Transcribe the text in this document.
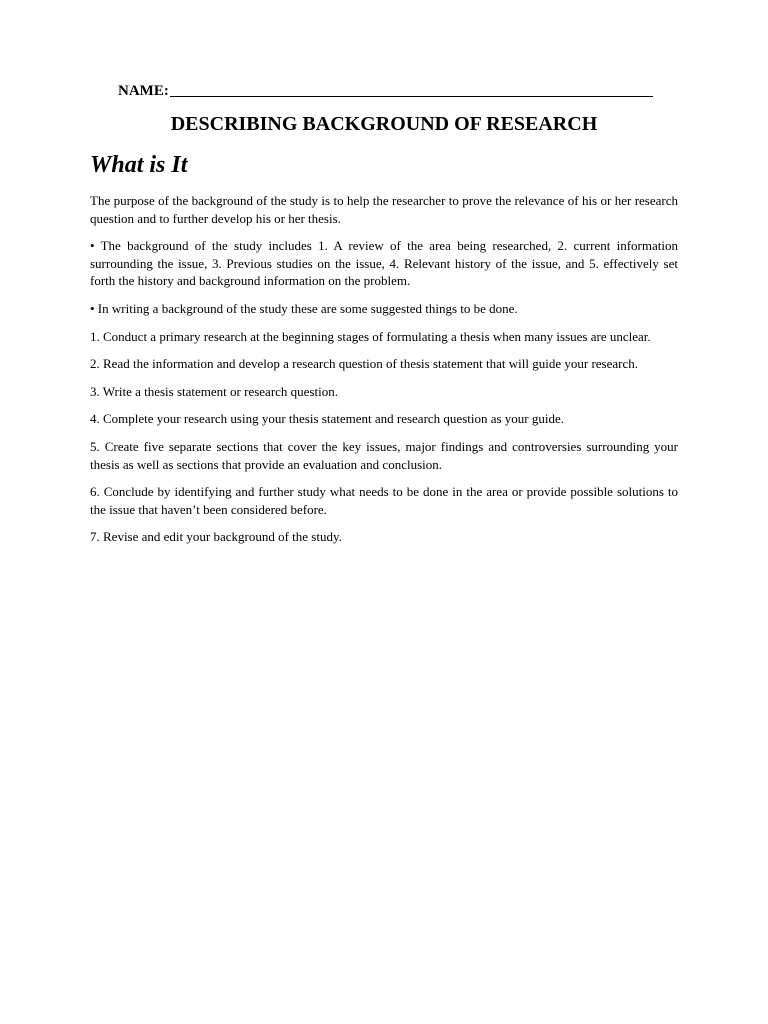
NAME:
DESCRIBING BACKGROUND OF RESEARCH
What is It

The purpose of the background of the study is to help the researcher to prove the relevance of his or her research question and to further develop his or her thesis.

• The background of the study includes 1. A review of the area being researched, 2. current information surrounding the issue, 3. Previous studies on the issue, 4. Relevant history of the issue, and 5. effectively set forth the history and background information on the problem.

• In writing a background of the study these are some suggested things to be done.

1. Conduct a primary research at the beginning stages of formulating a thesis when many issues are unclear.

2. Read the information and develop a research question of thesis statement that will guide your research.

3. Write a thesis statement or research question.

4. Complete your research using your thesis statement and research question as your guide.

5. Create five separate sections that cover the key issues, major findings and controversies surrounding your thesis as well as sections that provide an evaluation and conclusion.

6. Conclude by identifying and further study what needs to be done in the area or provide possible solutions to the issue that haven’t been considered before.

7. Revise and edit your background of the study.
